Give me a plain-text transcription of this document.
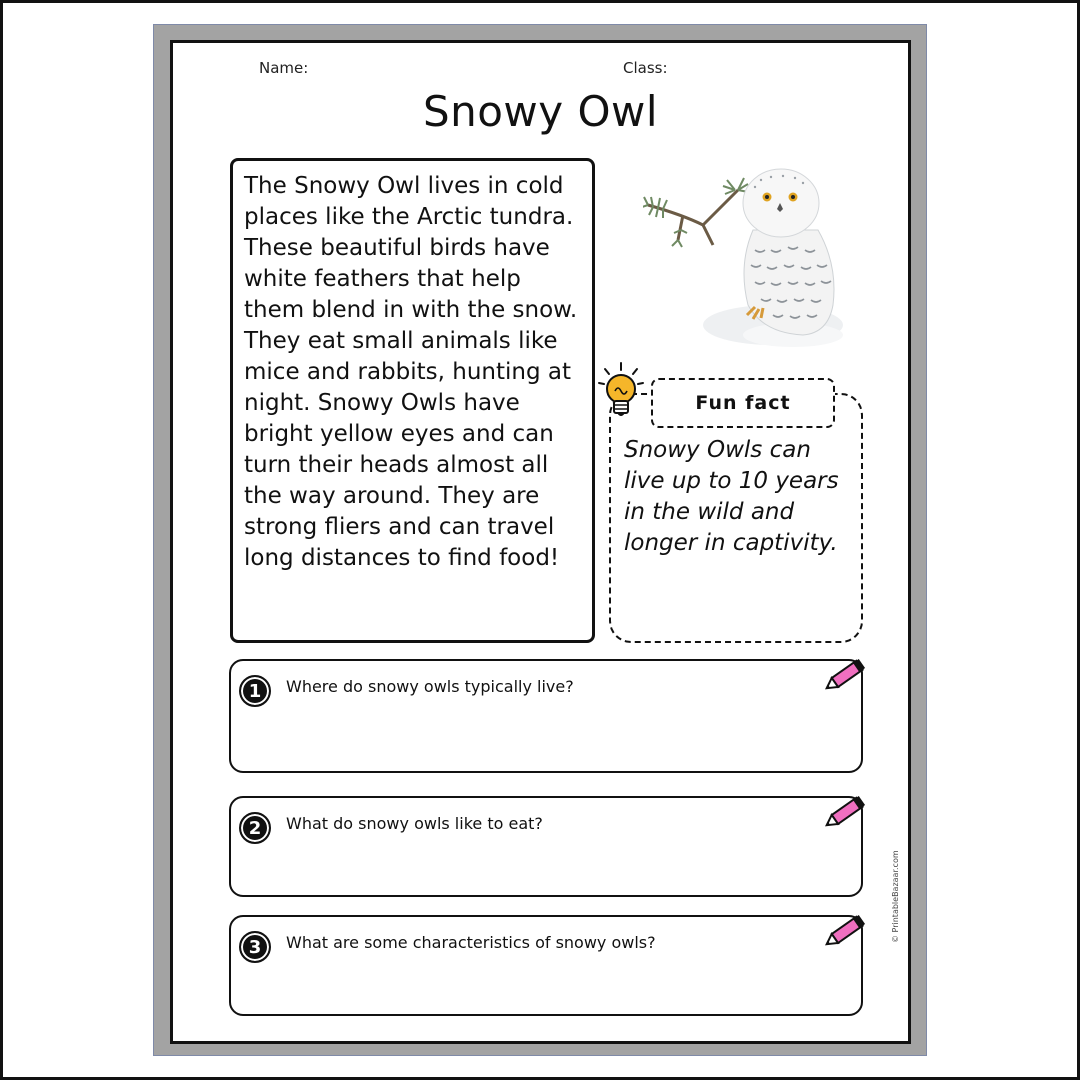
Name:	Class:
Snowy Owl
The Snowy Owl lives in cold places like the Arctic tundra. These beautiful birds have white feathers that help them blend in with the snow. They eat small animals like mice and rabbits, hunting at night. Snowy Owls have bright yellow eyes and can turn their heads almost all the way around. They are strong fliers and can travel long distances to find food!
Fun fact
Snowy Owls can live up to 10 years in the wild and longer in captivity.
1	Where do snowy owls typically live?
2	What do snowy owls like to eat?
3	What are some characteristics of snowy owls?	© PrintableBazaar.com
